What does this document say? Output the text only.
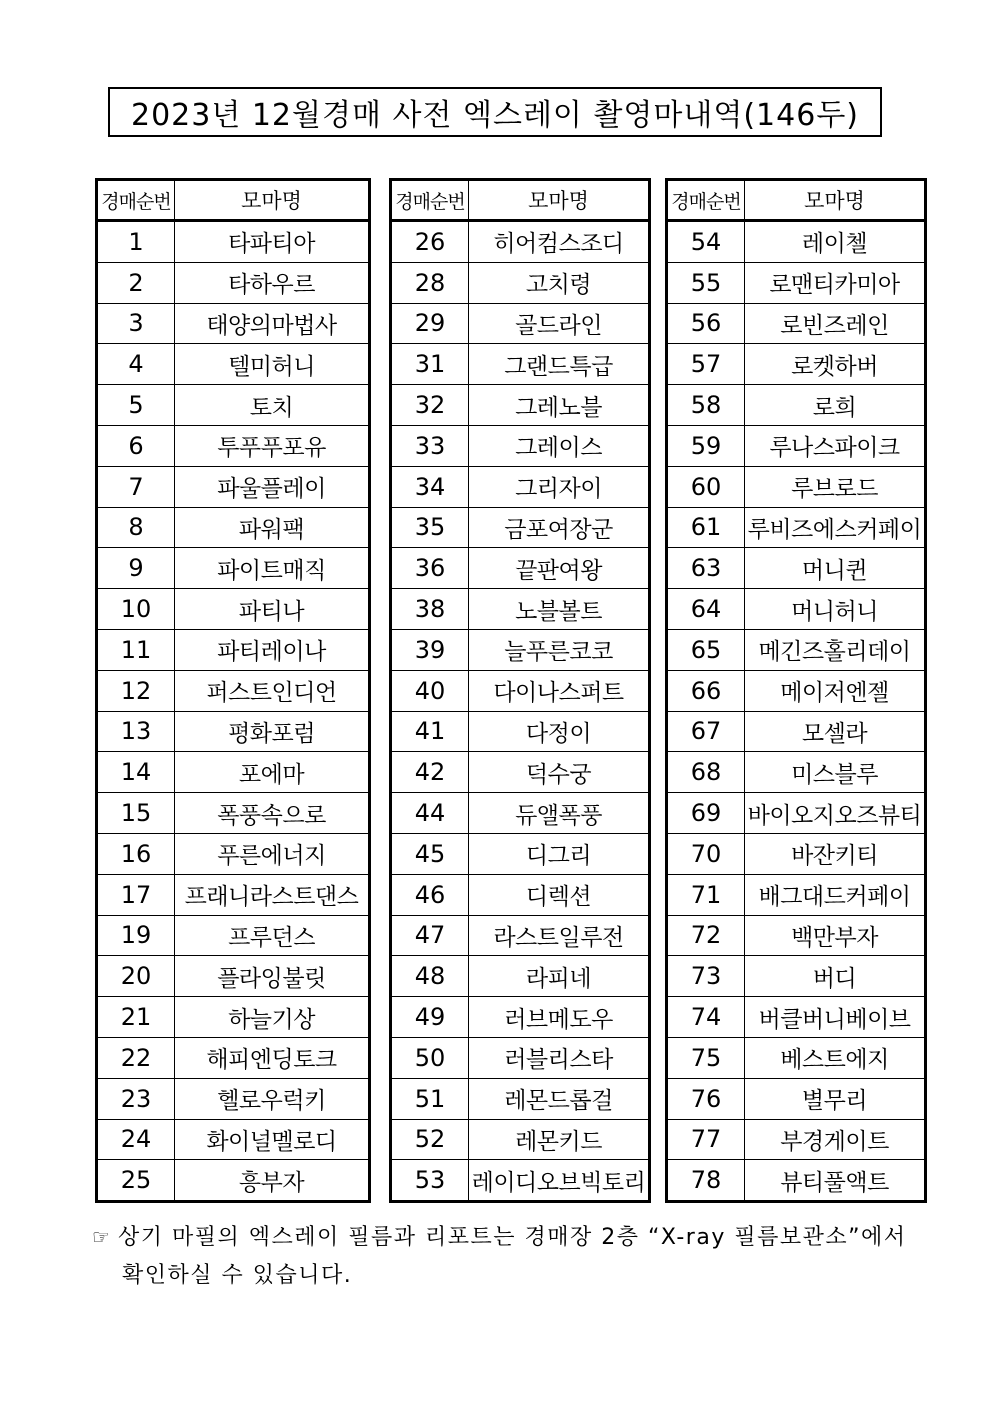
2023년 12월경매 사전 엑스레이 촬영마내역(146두)
경매순번	모마명
1	타파티아
2	타하우르
3	태양의마법사
4	텔미허니
5	토치
6	투푸푸포유
7	파울플레이
8	파워팩
9	파이트매직
10	파티나
11	파티레이나
12	퍼스트인디언
13	평화포럼
14	포에마
15	폭풍속으로
16	푸른에너지
17	프래니라스트댄스
19	프루던스
20	플라잉불릿
21	하늘기상
22	해피엔딩토크
23	헬로우럭키
24	화이널멜로디
25	흥부자
경매순번	모마명
26	히어컴스조디
28	고치령
29	골드라인
31	그랜드특급
32	그레노블
33	그레이스
34	그리자이
35	금포여장군
36	끝판여왕
38	노블볼트
39	늘푸른코코
40	다이나스퍼트
41	다정이
42	덕수궁
44	듀앨폭풍
45	디그리
46	디렉션
47	라스트일루전
48	라피네
49	러브메도우
50	러블리스타
51	레몬드롭걸
52	레몬키드
53	레이디오브빅토리
경매순번	모마명
54	레이첼
55	로맨티카미아
56	로빈즈레인
57	로켓하버
58	로희
59	루나스파이크
60	루브로드
61	루비즈에스커페이
63	머니퀸
64	머니허니
65	메긴즈홀리데이
66	메이저엔젤
67	모셀라
68	미스블루
69	바이오지오즈뷰티
70	바잔키티
71	배그대드커페이
72	백만부자
73	버디
74	버클버니베이브
75	베스트에지
76	별무리
77	부경게이트
78	뷰티풀액트
☞ 상기 마필의 엑스레이 필름과 리포트는 경매장 2층 “X-ray 필름보관소”에서
확인하실 수 있습니다.
